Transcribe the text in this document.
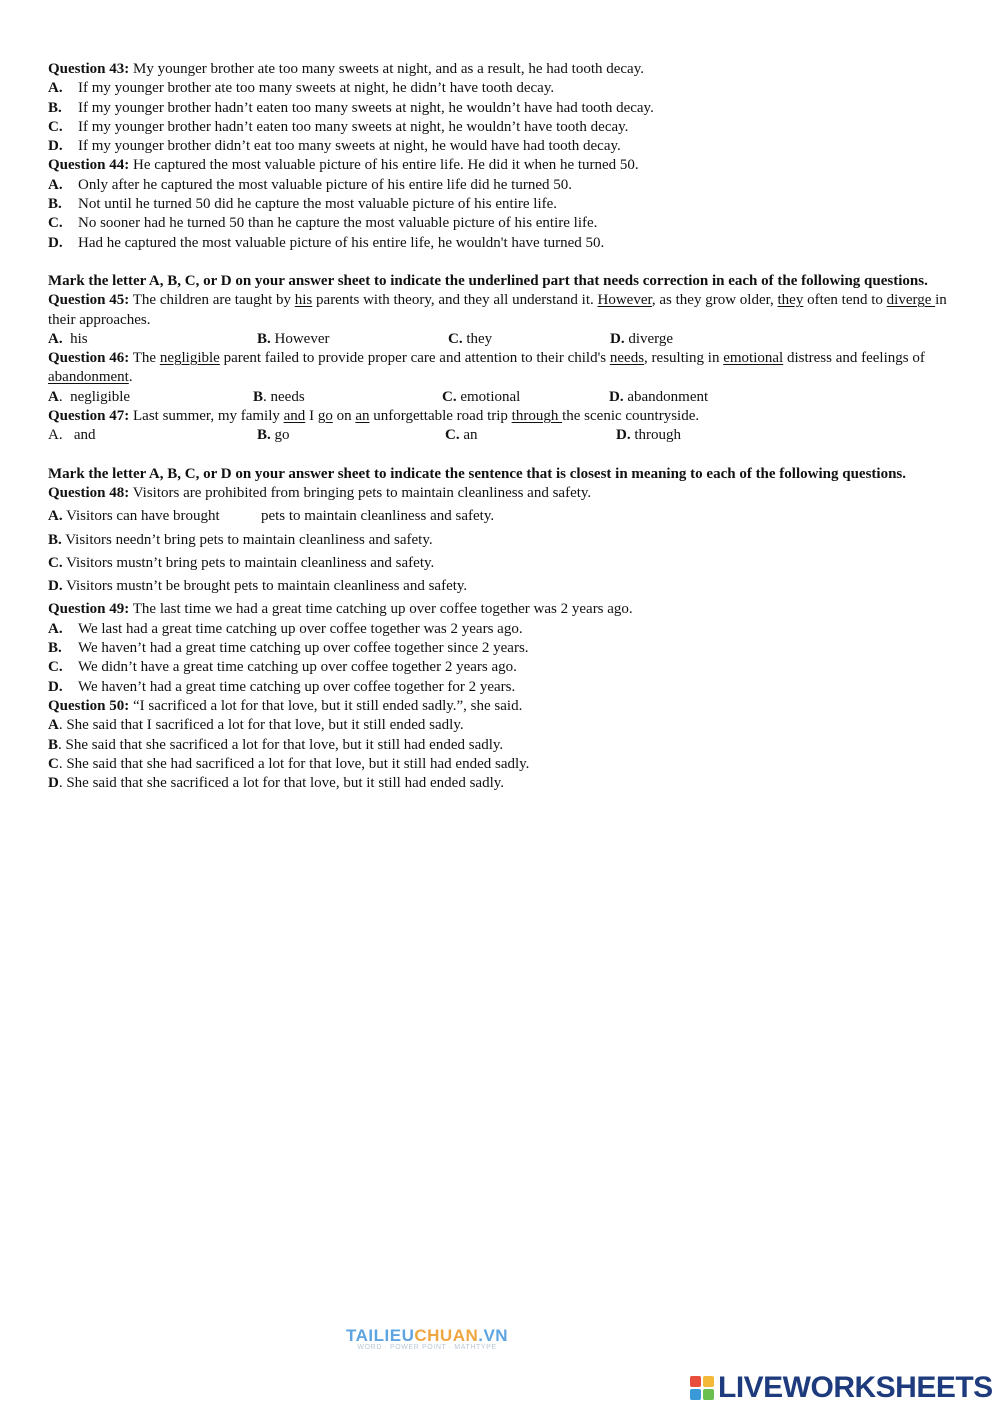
Question 43: My younger brother ate too many sweets at night, and as a result, he had tooth decay.
A. If my younger brother ate too many sweets at night, he didn’t have tooth decay.
B. If my younger brother hadn’t eaten too many sweets at night, he wouldn’t have had tooth decay.
C. If my younger brother hadn’t eaten too many sweets at night, he wouldn’t have tooth decay.
D. If my younger brother didn’t eat too many sweets at night, he would have had tooth decay.
Question 44: He captured the most valuable picture of his entire life. He did it when he turned 50.
A. Only after he captured the most valuable picture of his entire life did he turned 50.
B. Not until he turned 50 did he capture the most valuable picture of his entire life.
C. No sooner had he turned 50 than he capture the most valuable picture of his entire life.
D. Had he captured the most valuable picture of his entire life, he wouldn't have turned 50.
Mark the letter A, B, C, or D on your answer sheet to indicate the underlined part that needs correction in each of the following questions.
Question 45: The children are taught by his parents with theory, and they all understand it. However, as they grow older, they often tend to diverge in their approaches.
A.  his	B. However	C. they	D. diverge
Question 46: The negligible parent failed to provide proper care and attention to their child's needs, resulting in emotional distress and feelings of abandonment.
A.  negligible	B. needs	C. emotional	D. abandonment
Question 47: Last summer, my family and I go on an unforgettable road trip through the scenic countryside.
A.   and	B. go	C. an	D. through
Mark the letter A, B, C, or D on your answer sheet to indicate the sentence that is closest in meaning to each of the following questions.
Question 48: Visitors are prohibited from bringing pets to maintain cleanliness and safety.
A. Visitors can have brought           pets to maintain cleanliness and safety.
B. Visitors needn’t bring pets to maintain cleanliness and safety.
C. Visitors mustn’t bring pets to maintain cleanliness and safety.
D. Visitors mustn’t be brought pets to maintain cleanliness and safety.
Question 49: The last time we had a great time catching up over coffee together was 2 years ago.
A. We last had a great time catching up over coffee together was 2 years ago.
B. We haven’t had a great time catching up over coffee together since 2 years.
C. We didn’t have a great time catching up over coffee together 2 years ago.
D. We haven’t had a great time catching up over coffee together for 2 years.
Question 50: “I sacrificed a lot for that love, but it still ended sadly.”, she said.
A. She said that I sacrificed a lot for that love, but it still ended sadly.
B. She said that she sacrificed a lot for that love, but it still had ended sadly.
C. She said that she had sacrificed a lot for that love, but it still had ended sadly.
D. She said that she sacrificed a lot for that love, but it still had ended sadly.
TAILIEUCHUAN.VN
WORD · POWER POINT · MATHTYPE
LIVEWORKSHEETS
